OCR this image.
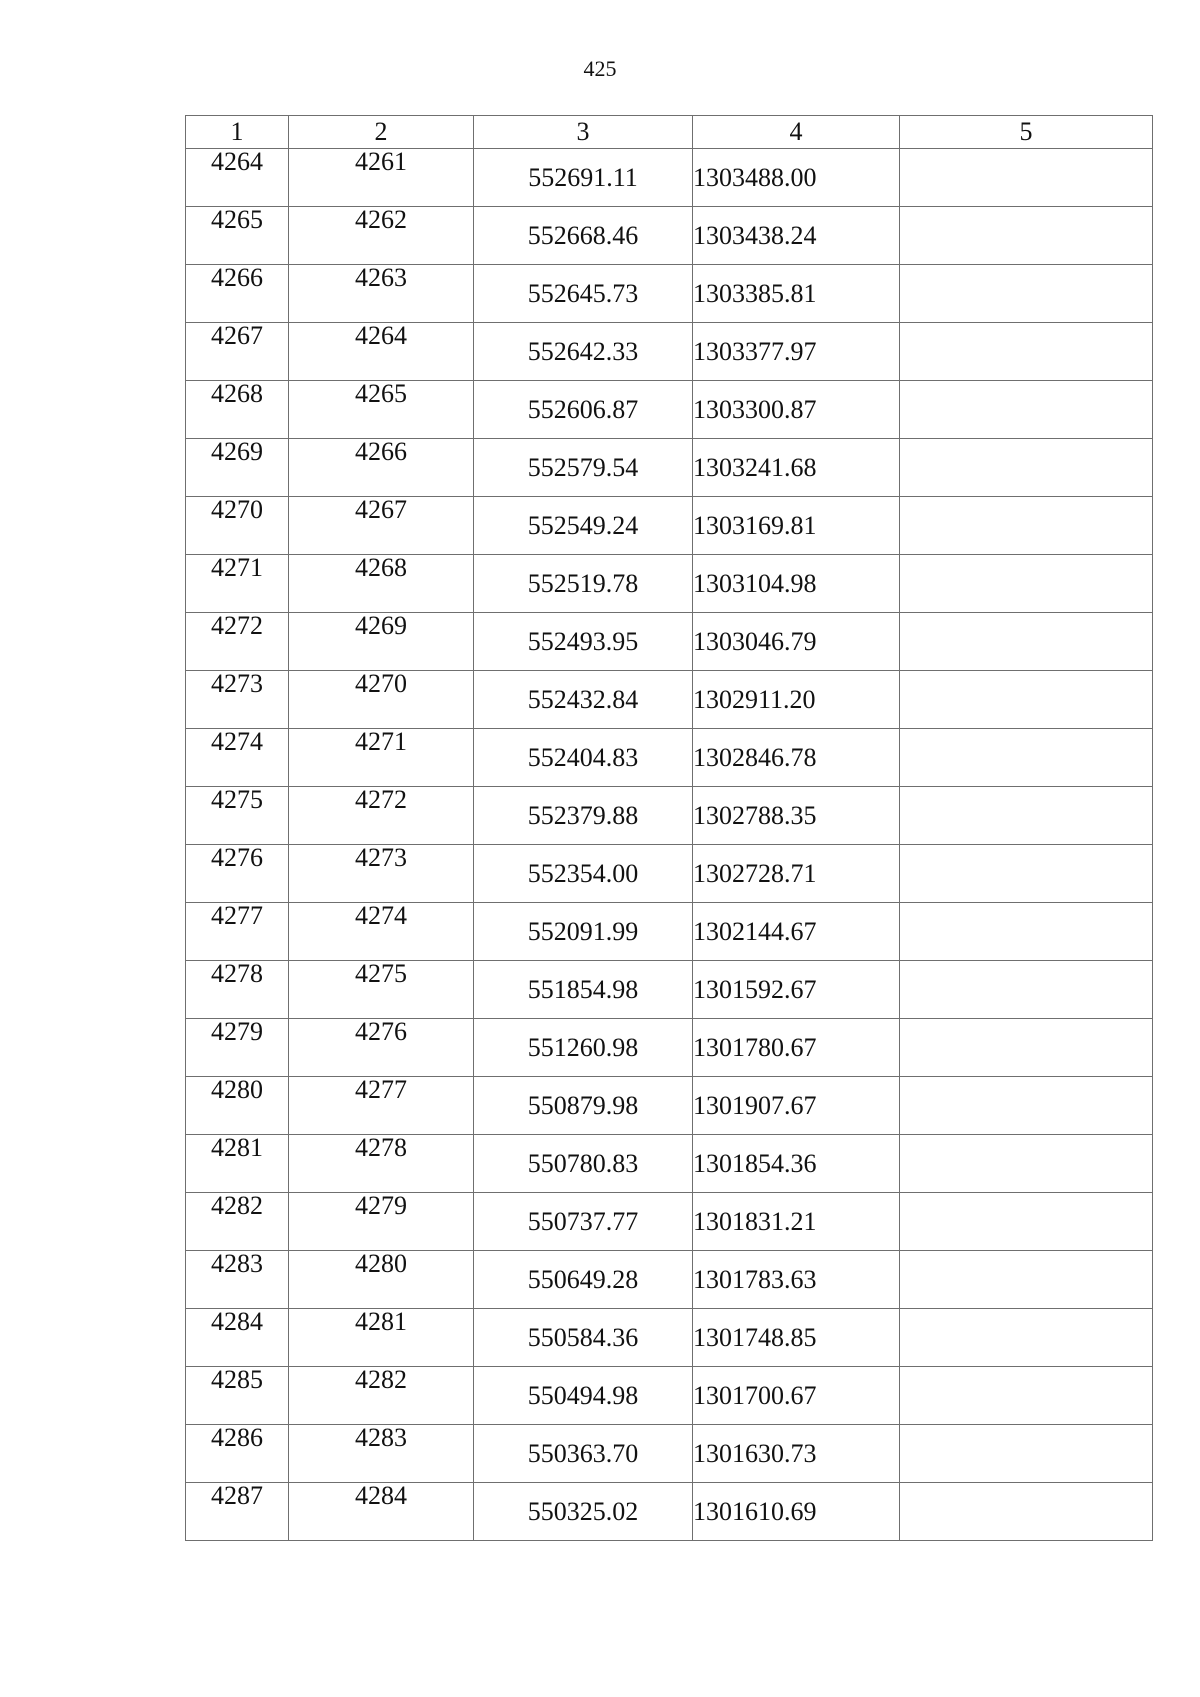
425
1	2	3	4	5
4264	4261	552691.11	1303488.00	
4265	4262	552668.46	1303438.24	
4266	4263	552645.73	1303385.81	
4267	4264	552642.33	1303377.97	
4268	4265	552606.87	1303300.87	
4269	4266	552579.54	1303241.68	
4270	4267	552549.24	1303169.81	
4271	4268	552519.78	1303104.98	
4272	4269	552493.95	1303046.79	
4273	4270	552432.84	1302911.20	
4274	4271	552404.83	1302846.78	
4275	4272	552379.88	1302788.35	
4276	4273	552354.00	1302728.71	
4277	4274	552091.99	1302144.67	
4278	4275	551854.98	1301592.67	
4279	4276	551260.98	1301780.67	
4280	4277	550879.98	1301907.67	
4281	4278	550780.83	1301854.36	
4282	4279	550737.77	1301831.21	
4283	4280	550649.28	1301783.63	
4284	4281	550584.36	1301748.85	
4285	4282	550494.98	1301700.67	
4286	4283	550363.70	1301630.73	
4287	4284	550325.02	1301610.69	
